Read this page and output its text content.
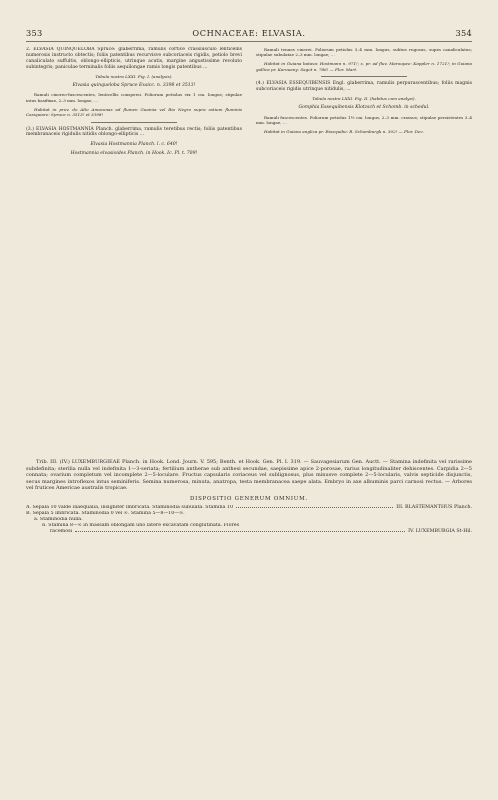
353	OCHNACEAE: ELVASIA.	354

2. ELVASIA QUINQUELOBA Spruce: glaberrima, ramulis cortice crassiusculo lenticellis numerosis instructo obtectis; foliis patentibus recurvisve subcoriaceis rigidis, petiolo brevi canaliculato suffultis, oblongo-ellipticis, utrinque acutis, margine angustissime revoluto subintegris; paniculae terminalis foliis aequilongae ramis longis patentibus ...

Tabula nostra LXXI. Fig. I. (analysis).

Elvasia quinqueloba Spruce Exsicc. n. 3398 et 3513!

Ramuli cinereo-fuscescentes, lenticellis conspersi. Foliorum petiolus vix 1 cm. longus; stipulae intus basifixae, 2–3 mm. longae, ...

Habitat in prov. do Alto Amazonas ad flumen Guainia vel Rio Negro supra ostium fluminis Casiquiare: Spruce n. 3513! et 3398!

(3.) ELVASIA HOSTMANNIA Planch. glaberrima, ramulis teretibus rectis; foliis patentibus membranaceis rigidulis nitidis oblongo-ellipticis ...

Elvasia Hostmannia Planch. l. c. 640!

Hostmannia elvasioides Planch. in Hook. Ic. Pl. t. 709!

Ramuli tenues cinerei. Foliorum petiolus 3–4 mm. longus, subtus rugosus, supra canaliculatus; stipulae subulatae 2–3 mm. longae; ...

Habitat in Guiana batava: Hostmann n. 971!; s. pr. ad fluv. Maroupee: Kappler n. 1721!; in Guiana gallica pr. Karouany: Sagot n. 786! — Flor. Mart.

(4.) ELVASIA ESSEQUIBENSIS Engl. glaberrima, ramulis perpurascentibus; foliis magnis subcoriaceis rigidis utrinque nitidulis, ...

Tabula nostra LXXI. Fig. II. (habitus cum analysi).

Gomphia Essequibensis Klotzsch et Schomb. in schedul.

Ramuli fuscescentes. Foliorum petiolus 1½ cm. longus, 2–3 mm. crassus; stipulae persistentes 3–4 mm. longae, ...

Habitat in Guiana anglica pr. Essequibo: R. Schomburgk n. 302! — Flor. Dec.

Trib. III. (IV.) LUXEMBURGIEAE Planch. in Hook. Lond. Journ. V. 595; Benth. et Hook. Gen. Pl. I. 319. — Sauvagesiarum Gen. Auctt. — Stamina indefinita vel rarissime subdefinita; sterilia nulla vel indefinita 1—3-seriata; fertilium antherae sub anthesi secundae, saepissime apice 2-porosae, rarius longitudinaliter dehiscentes. Carpidia 2—5 connata; ovarium completum vel incomplete 2—5-loculare. Fructus capsularis coriaceus vel sublignosus, plus minusve complete 2—5-locularis, valvis septicide disjunctis, secus margines introflexos intus seminiferis. Semina numerosa, minuta, anatropa, testa membranacea saepe alata. Embryo in axe albuminis parci carnosi rectus. — Arbores vel frutices Americae australis tropicae.

DISPOSITIO GENERUM OMNIUM.
A. Sepala 10 valde inaequalia, insigniter imbricata. Staminodia subulata. Stamina 10	III. BLASTEMANTHUS Planch.
B. Sepala 5 imbricata. Staminodia 0 vel ∞. Stamina 5—8—10—∞.
a. Staminodia nulla.
α. Stamina 8—∞ in massam oblongam uno latere excavatam conglutinata. Flores
racemosi	IV. LUXEMBURGIA St-Hil.
